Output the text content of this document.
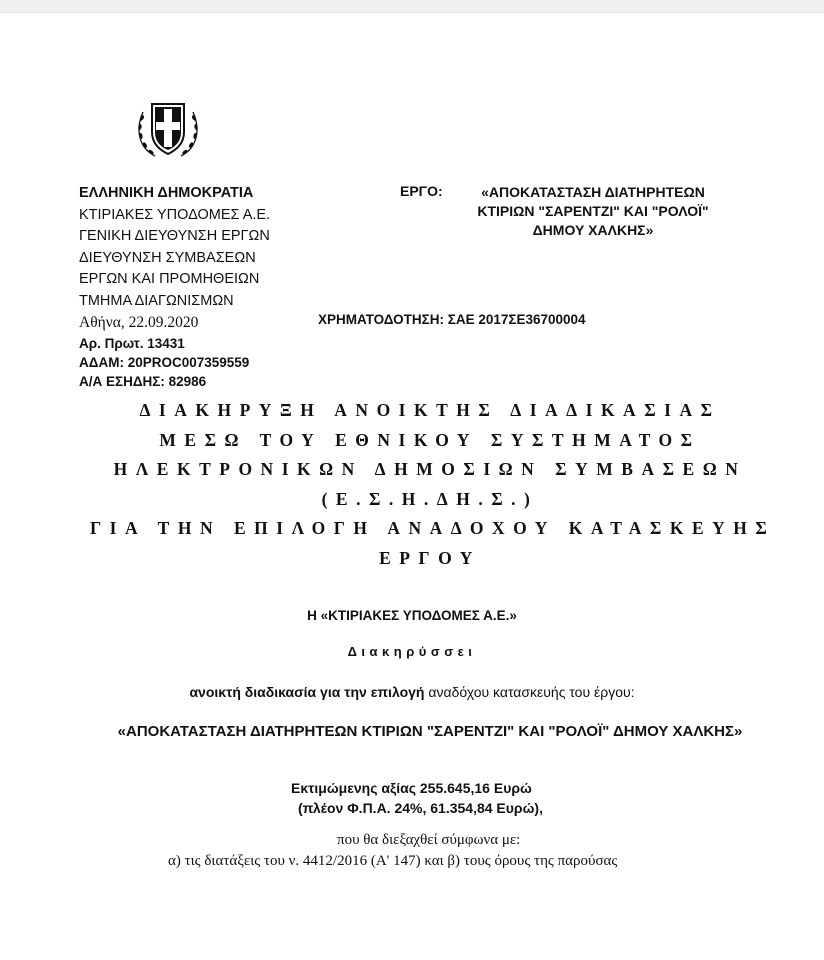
ΕΛΛΗΝΙΚΗ ΔΗΜΟΚΡΑΤΙΑ
ΚΤΙΡΙΑΚΕΣ ΥΠΟΔΟΜΕΣ Α.Ε.
ΓΕΝΙΚΗ ΔΙΕΥΘΥΝΣΗ ΕΡΓΩΝ
ΔΙΕΥΘΥΝΣΗ ΣΥΜΒΑΣΕΩΝ
ΕΡΓΩΝ ΚΑΙ ΠΡΟΜΗΘΕΙΩΝ
ΤΜΗΜΑ ΔΙΑΓΩΝΙΣΜΩΝ
Αθήνα, 22.09.2020
Αρ. Πρωτ. 13431
ΑΔΑΜ: 20PROC007359559
Α/Α ΕΣΗΔΗΣ: 82986
ΕΡΓΟ:	«ΑΠΟΚΑΤΑΣΤΑΣΗ ΔΙΑΤΗΡΗΤΕΩΝ
ΚΤΙΡΙΩΝ "ΣΑΡΕΝΤΖΙ" ΚΑΙ "ΡΟΛΟΪ"
ΔΗΜΟΥ ΧΑΛΚΗΣ»
ΧΡΗΜΑΤΟΔΟΤΗΣΗ: ΣΑΕ 2017ΣΕ36700004
ΔΙΑΚΗΡΥΞΗ ΑΝΟΙΚΤΗΣ ΔΙΑΔΙΚΑΣΙΑΣ
ΜΕΣΩ ΤΟΥ ΕΘΝΙΚΟΥ ΣΥΣΤΗΜΑΤΟΣ
ΗΛΕΚΤΡΟΝΙΚΩΝ ΔΗΜΟΣΙΩΝ ΣΥΜΒΑΣΕΩΝ
(Ε.Σ.Η.ΔΗ.Σ.)
ΓΙΑ ΤΗΝ ΕΠΙΛΟΓΗ ΑΝΑΔΟΧΟΥ ΚΑΤΑΣΚΕΥΗΣ
ΕΡΓΟΥ
Η «ΚΤΙΡΙΑΚΕΣ ΥΠΟΔΟΜΕΣ Α.Ε.»
Διακηρύσσει
ανοικτή διαδικασία για την επιλογή αναδόχου κατασκευής του έργου:
«ΑΠΟΚΑΤΑΣΤΑΣΗ ΔΙΑΤΗΡΗΤΕΩΝ ΚΤΙΡΙΩΝ "ΣΑΡΕΝΤΖΙ" ΚΑΙ "ΡΟΛΟΪ" ΔΗΜΟΥ ΧΑΛΚΗΣ»
Εκτιμώμενης αξίας 255.645,16 Ευρώ
(πλέον Φ.Π.Α. 24%, 61.354,84 Ευρώ),
που θα διεξαχθεί σύμφωνα με:
α) τις διατάξεις του ν. 4412/2016 (Α' 147) και β) τους όρους της παρούσας
